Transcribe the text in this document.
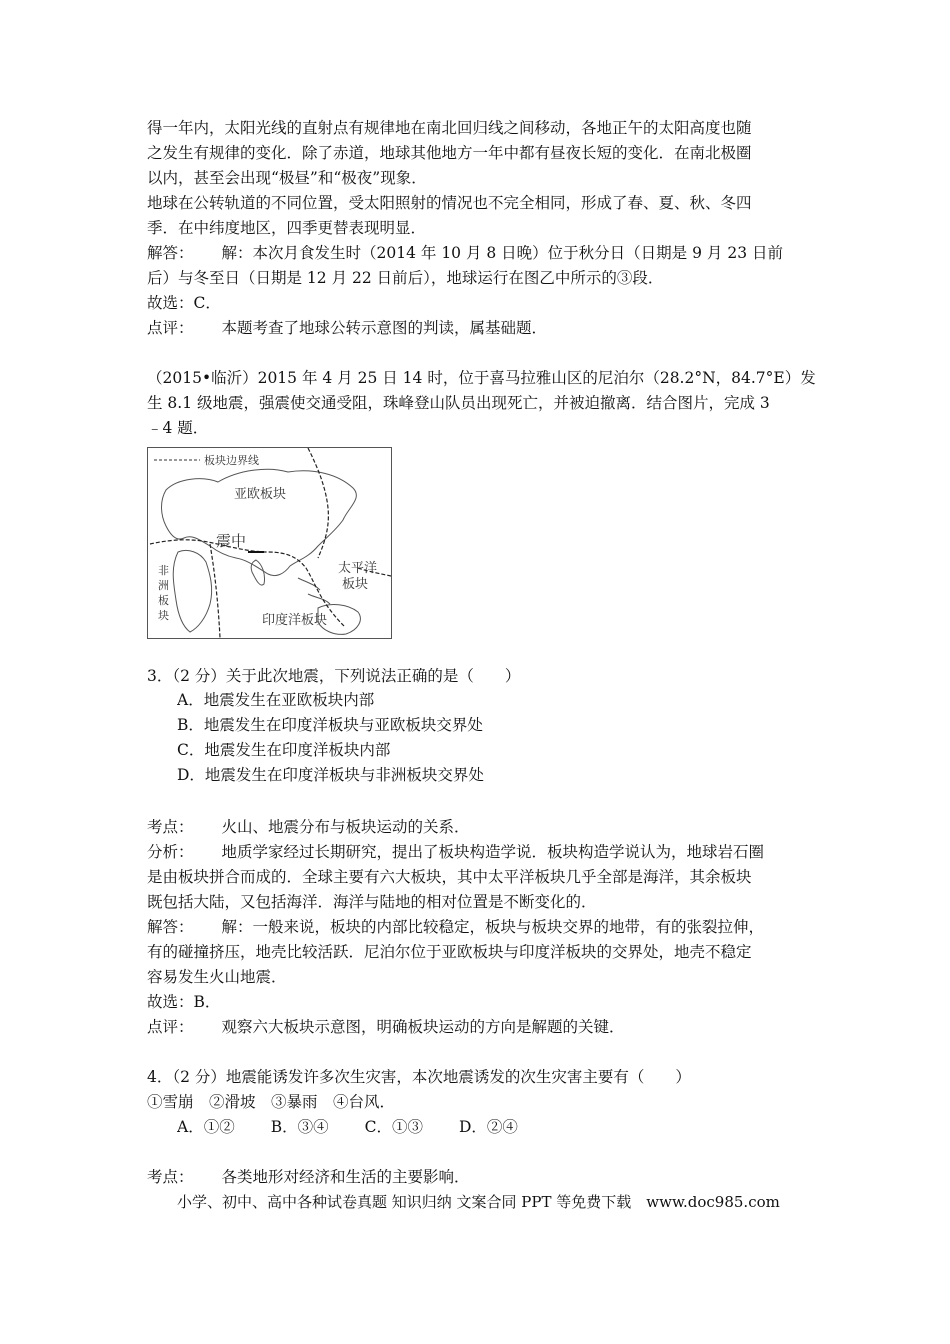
得一年内，太阳光线的直射点有规律地在南北回归线之间移动，各地正午的太阳高度也随
之发生有规律的变化．除了赤道，地球其他地方一年中都有昼夜长短的变化．在南北极圈
以内，甚至会出现“极昼”和“极夜”现象．
地球在公转轨道的不同位置，受太阳照射的情况也不完全相同，形成了春、夏、秋、冬四
季．在中纬度地区，四季更替表现明显．
解答： 解：本次月食发生时（2014 年 10 月 8 日晚）位于秋分日（日期是 9 月 23 日前
后）与冬至日（日期是 12 月 22 日前后），地球运行在图乙中所示的③段．
故选：C．
点评： 本题考查了地球公转示意图的判读，属基础题．
（2015•临沂）2015 年 4 月 25 日 14 时，位于喜马拉雅山区的尼泊尔（28.2°N，84.7°E）发
生 8.1 级地震，强震使交通受阻，珠峰登山队员出现死亡，并被迫撤离．结合图片，完成 3
﹣4 题．
板块边界线
亚欧板块
震中
太平洋
板块
非
洲
板
块	印度洋板块
3．（2 分）关于此次地震，下列说法正确的是（　　）
A．地震发生在亚欧板块内部
B．地震发生在印度洋板块与亚欧板块交界处
C．地震发生在印度洋板块内部
D．地震发生在印度洋板块与非洲板块交界处
考点： 火山、地震分布与板块运动的关系．
分析： 地质学家经过长期研究，提出了板块构造学说．板块构造学说认为，地球岩石圈
是由板块拼合而成的．全球主要有六大板块，其中太平洋板块几乎全部是海洋，其余板块
既包括大陆，又包括海洋．海洋与陆地的相对位置是不断变化的．
解答： 解：一般来说，板块的内部比较稳定，板块与板块交界的地带，有的张裂拉伸，
有的碰撞挤压，地壳比较活跃．尼泊尔位于亚欧板块与印度洋板块的交界处，地壳不稳定
容易发生火山地震．
故选：B．
点评： 观察六大板块示意图，明确板块运动的方向是解题的关键．
4．（2 分）地震能诱发许多次生灾害，本次地震诱发的次生灾害主要有（　　）
①雪崩　②滑坡　③暴雨　④台风．
A．①② B．③④ C．①③ D．②④
考点： 各类地形对经济和生活的主要影响．
小学、初中、高中各种试卷真题 知识归纳 文案合同 PPT 等免费下载　www.doc985.com
